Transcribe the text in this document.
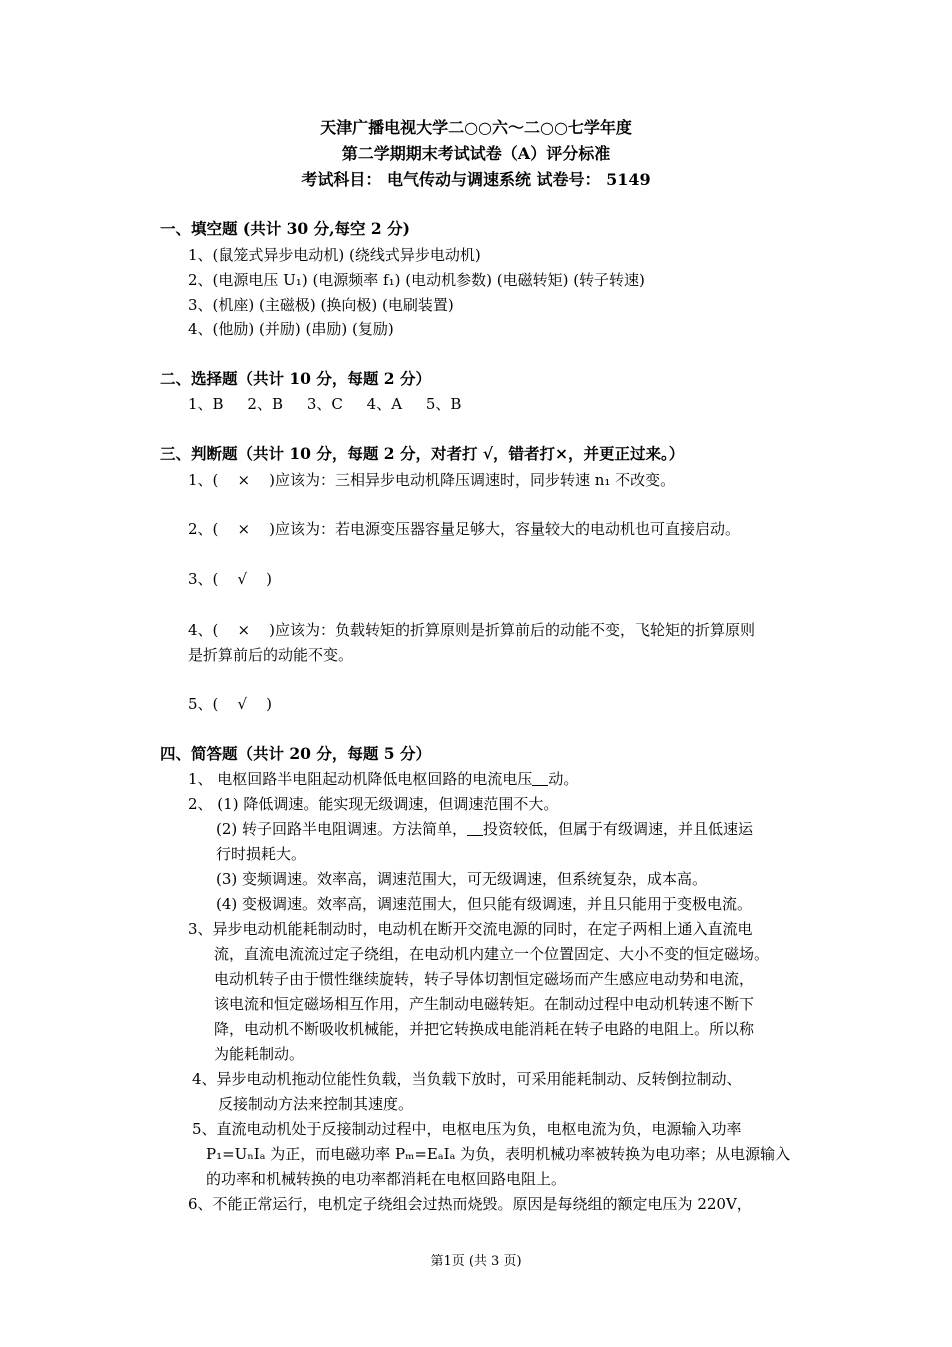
天津广播电视大学二○○六～二○○七学年度
第二学期期末考试试卷（A）评分标准
考试科目： 电气传动与调速系统 试卷号： 5149
一、填空题 (共计 30 分,每空 2 分)
1、(鼠笼式异步电动机) (绕线式异步电动机)
2、(电源电压 U₁) (电源频率 f₁) (电动机参数) (电磁转矩) (转子转速)
3、(机座) (主磁极) (换向极) (电刷装置)
4、(他励) (并励) (串励) (复励)
二、选择题（共计 10 分，每题 2 分）
1、B     2、B     3、C     4、A     5、B
三、判断题（共计 10 分，每题 2 分，对者打 √，错者打×，并更正过来。）
1、(    ×    )应该为：三相异步电动机降压调速时，同步转速 n₁ 不改变。
2、(    ×    )应该为：若电源变压器容量足够大，容量较大的电动机也可直接启动。
3、(    √    )
4、(    ×    )应该为：负载转矩的折算原则是折算前后的动能不变，飞轮矩的折算原则
是折算前后的动能不变。
5、(    √    )
四、简答题（共计 20 分，每题 5 分）
1、 电枢回路半电阻起动机降低电枢回路的电流电压 动。
2、 (1) 降低调速。能实现无级调速，但调速范围不大。
(2) 转子回路半电阻调速。方法简单， 投资较低，但属于有级调速，并且低速运
行时损耗大。
(3) 变频调速。效率高，调速范围大，可无级调速，但系统复杂，成本高。
(4) 变极调速。效率高，调速范围大，但只能有级调速，并且只能用于变极电流。
3、异步电动机能耗制动时，电动机在断开交流电源的同时，在定子两相上通入直流电
流，直流电流流过定子绕组，在电动机内建立一个位置固定、大小不变的恒定磁场。
电动机转子由于惯性继续旋转，转子导体切割恒定磁场而产生感应电动势和电流，
该电流和恒定磁场相互作用，产生制动电磁转矩。在制动过程中电动机转速不断下
降，电动机不断吸收机械能，并把它转换成电能消耗在转子电路的电阻上。所以称
为能耗制动。
4、异步电动机拖动位能性负载，当负载下放时，可采用能耗制动、反转倒拉制动、
反接制动方法来控制其速度。
5、直流电动机处于反接制动过程中，电枢电压为负，电枢电流为负，电源输入功率
P₁=UₙIₐ 为正，而电磁功率 Pₘ=EₐIₐ 为负，表明机械功率被转换为电功率；从电源输入
的功率和机械转换的电功率都消耗在电枢回路电阻上。
6、不能正常运行，电机定子绕组会过热而烧毁。原因是每绕组的额定电压为 220V，
第1页 (共 3 页)
